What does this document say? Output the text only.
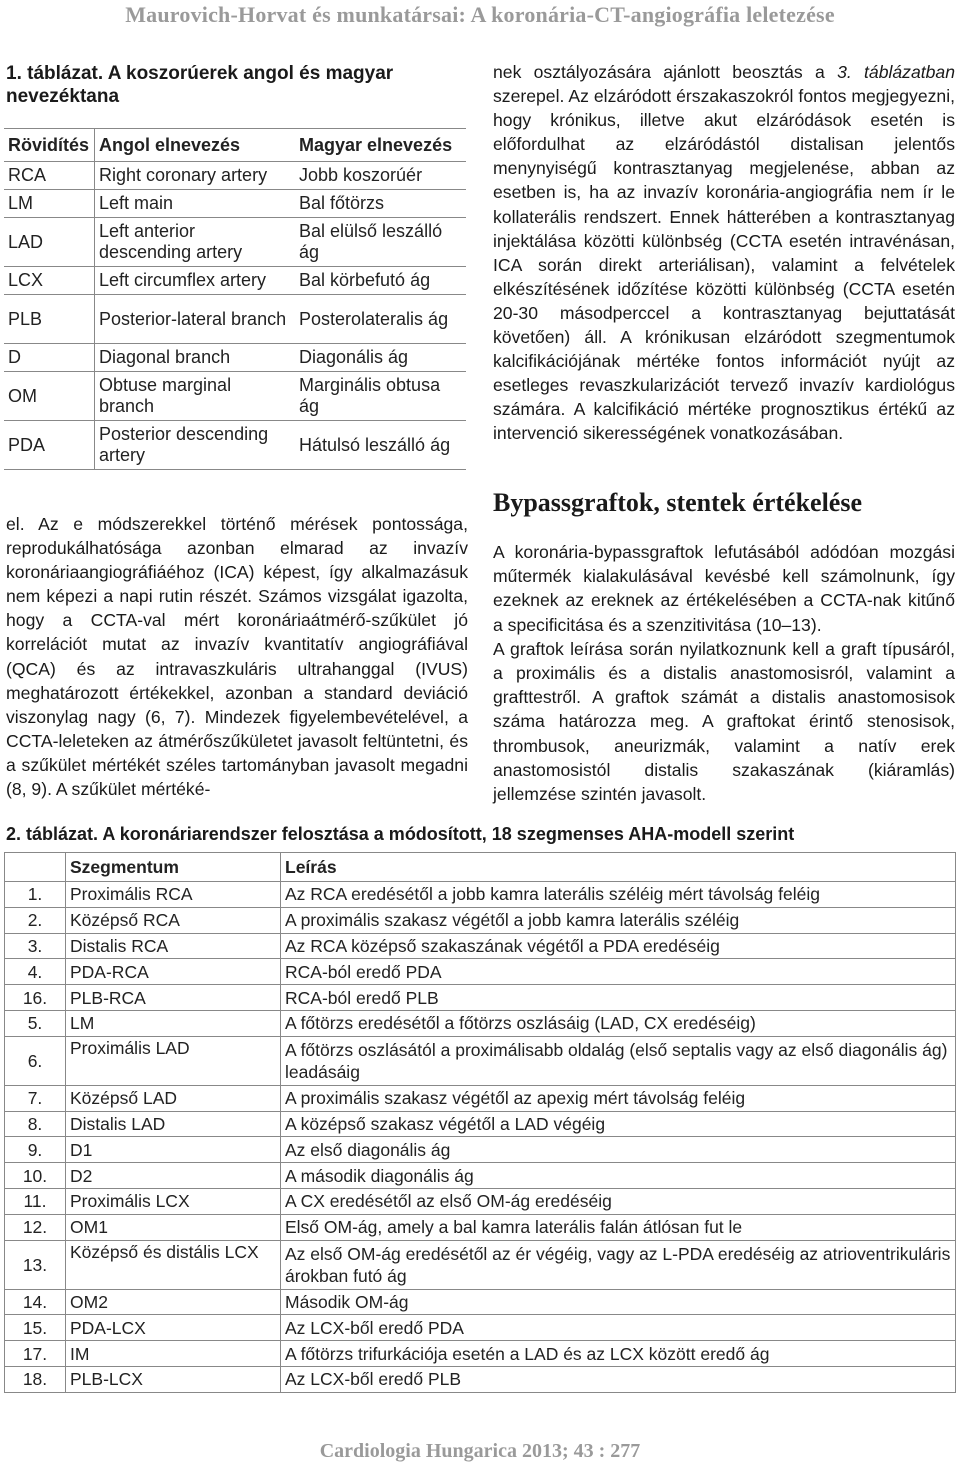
Maurovich-Horvat és munkatársai: A koronária-CT-angiográfia leletezése
1. táblázat. A koszorúerek angol és magyar nevezéktana
Rövidítés	Angol elnevezés	Magyar elnevezés
RCA	Right coronary artery	Jobb koszorúér
LM	Left main	Bal főtörzs
LAD	Left anterior descending artery	Bal elülső leszálló ág
LCX	Left circumflex artery	Bal körbefutó ág
PLB	Posterior-lateral branch	Posterolateralis ág
D	Diagonal branch	Diagonális ág
OM	Obtuse marginal branch	Marginális obtusa ág
PDA	Posterior descending artery	Hátulsó leszálló ág
el. Az e módszerekkel történő mérések pontossága, reprodukálhatósága azonban elmarad az invazív koronáriaangiográfiáéhoz (ICA) képest, így alkalmazásuk nem képezi a napi rutin részét. Számos vizsgálat igazolta, hogy a CCTA-val mért koronáriaátmérő-szűkület jó korrelációt mutat az invazív kvantitatív angiográfiával (QCA) és az intravaszkuláris ultrahanggal (IVUS) meghatározott értékekkel, azonban a standard deviáció viszonylag nagy (6, 7). Mindezek figyelembevételével, a CCTA-leleteken az átmérőszűkületet javasolt feltüntetni, és a szűkület mértékét széles tartományban javasolt megadni (8, 9). A szűkület mértéké-
nek osztályozására ajánlott beosztás a 3. táblázatban szerepel. Az elzáródott érszakaszokról fontos megjegyezni, hogy krónikus, illetve akut elzáródások esetén is előfordulhat az elzáródástól distalisan jelentős menynyiségű kontrasztanyag megjelenése, abban az esetben is, ha az invazív koronária-angiográfia nem ír le kollaterális rendszert. Ennek hátterében a kontrasztanyag injektálása közötti különbség (CCTA esetén intravénásan, ICA során direkt arteriálisan), valamint a felvételek elkészítésének időzítése közötti különbség (CCTA esetén 20-30 másodperccel a kontrasztanyag bejuttatását követően) áll. A krónikusan elzáródott szegmentumok kalcifikációjának mértéke fontos információt nyújt az esetleges revaszkularizációt tervező invazív kardiológus számára. A kalcifikáció mértéke prognosztikus értékű az intervenció sikerességének vonatkozásában.
Bypassgraftok, stentek értékelése

A koronária-bypassgraftok lefutásából adódóan mozgási műtermék kialakulásával kevésbé kell számolnunk, így ezeknek az ereknek az értékelésében a CCTA-nak kitűnő a specificitása és a szenzitivitása (10–13).

A graftok leírása során nyilatkoznunk kell a graft típusáról, a proximális és a distalis anastomosisról, valamint a grafttestről. A graftok számát a distalis anastomosisok száma határozza meg. A graftokat érintő stenosisok, thrombusok, aneurizmák, valamint a natív erek anastomosistól distalis szakaszának (kiáramlás) jellemzése szintén javasolt.

2. táblázat. A koronáriarendszer felosztása a módosított, 18 szegmenses AHA-modell szerint
	Szegmentum	Leírás
1.	Proximális RCA	Az RCA eredésétől a jobb kamra laterális széléig mért távolság feléig
2.	Középső RCA	A proximális szakasz végétől a jobb kamra laterális széléig
3.	Distalis RCA	Az RCA középső szakaszának végétől a PDA eredéséig
4.	PDA-RCA	RCA-ból eredő PDA
16.	PLB-RCA	RCA-ból eredő PLB
5.	LM	A főtörzs eredésétől a főtörzs oszlásáig (LAD, CX eredéséig)
6.	Proximális LAD	A főtörzs oszlásától a proximálisabb oldalág (első septalis vagy az első diagonális ág) leadásáig
7.	Középső LAD	A proximális szakasz végétől az apexig mért távolság feléig
8.	Distalis LAD	A középső szakasz végétől a LAD végéig
9.	D1	Az első diagonális ág
10.	D2	A második diagonális ág
11.	Proximális LCX	A CX eredésétől az első OM-ág eredéséig
12.	OM1	Első OM-ág, amely a bal kamra laterális falán átlósan fut le
13.	Középső és distális LCX	Az első OM-ág eredésétől az ér végéig, vagy az L-PDA eredéséig az atrioventrikuláris árokban futó ág
14.	OM2	Második OM-ág
15.	PDA-LCX	Az LCX-ből eredő PDA
17.	IM	A főtörzs trifurkációja esetén a LAD és az LCX között eredő ág
18.	PLB-LCX	Az LCX-ből eredő PLB
Cardiologia Hungarica 2013; 43 : 277
